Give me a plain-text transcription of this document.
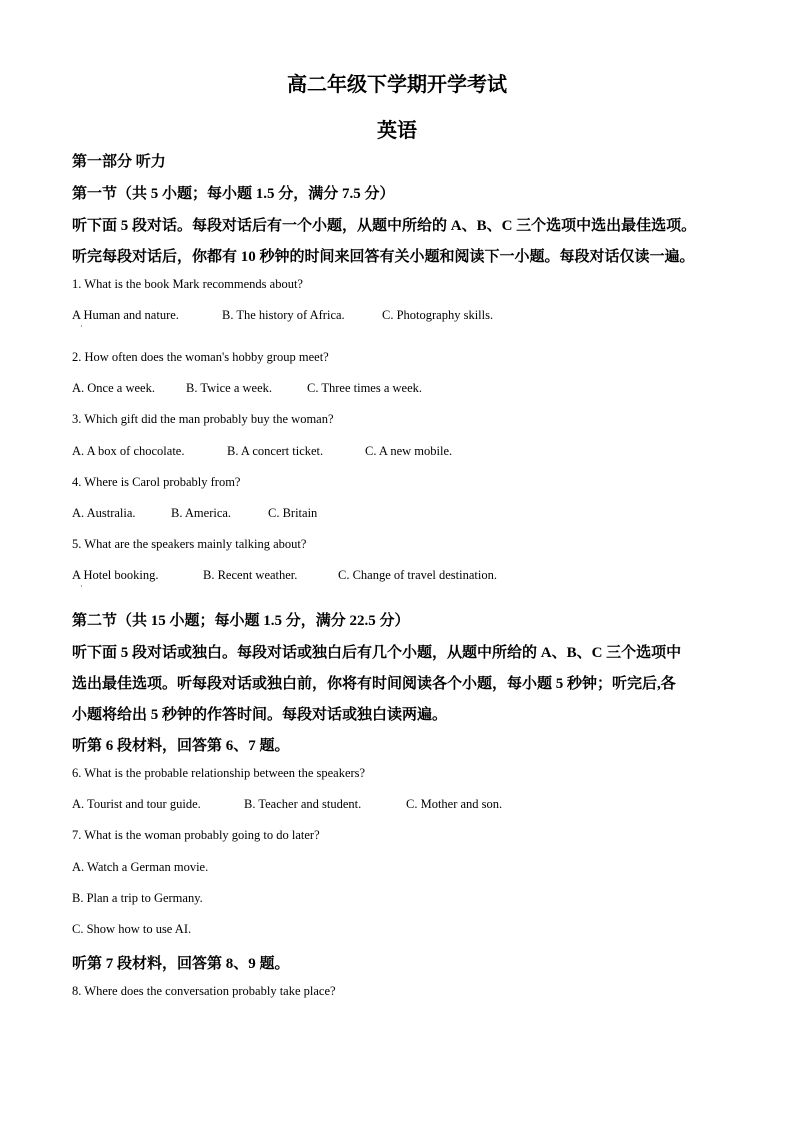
高二年级下学期开学考试
英语
第一部分 听力
第一节（共 5 小题；每小题 1.5 分，满分 7.5 分）
听下面 5 段对话。每段对话后有一个小题，从题中所给的 A、B、C 三个选项中选出最佳选项。
听完每段对话后，你都有 10 秒钟的时间来回答有关小题和阅读下一小题。每段对话仅读一遍。
1. What is the book Mark recommends about?
A Human and nature.	B. The history of Africa.	C. Photography skills.
·
2. How often does the woman's hobby group meet?
A. Once a week. B. Twice a week.	C. Three times a week.
3. Which gift did the man probably buy the woman?
A. A box of chocolate.	B. A concert ticket.	C. A new mobile.
4. Where is Carol probably from?
A. Australia.	B. America.	C. Britain
5. What are the speakers mainly talking about?
A Hotel booking.	B. Recent weather.	C. Change of travel destination.
·
第二节（共 15 小题；每小题 1.5 分，满分 22.5 分）
听下面 5 段对话或独白。每段对话或独白后有几个小题，从题中所给的 A、B、C 三个选项中
选出最佳选项。听每段对话或独白前，你将有时间阅读各个小题，每小题 5 秒钟；听完后,各
小题将给出 5 秒钟的作答时间。每段对话或独白读两遍。
听第 6 段材料，回答第 6、7 题。
6. What is the probable relationship between the speakers?
A. Tourist and tour guide.	B. Teacher and student.	C. Mother and son.
7. What is the woman probably going to do later?
A. Watch a German movie.
B. Plan a trip to Germany.
C. Show how to use AI.
听第 7 段材料，回答第 8、9 题。
8. Where does the conversation probably take place?
